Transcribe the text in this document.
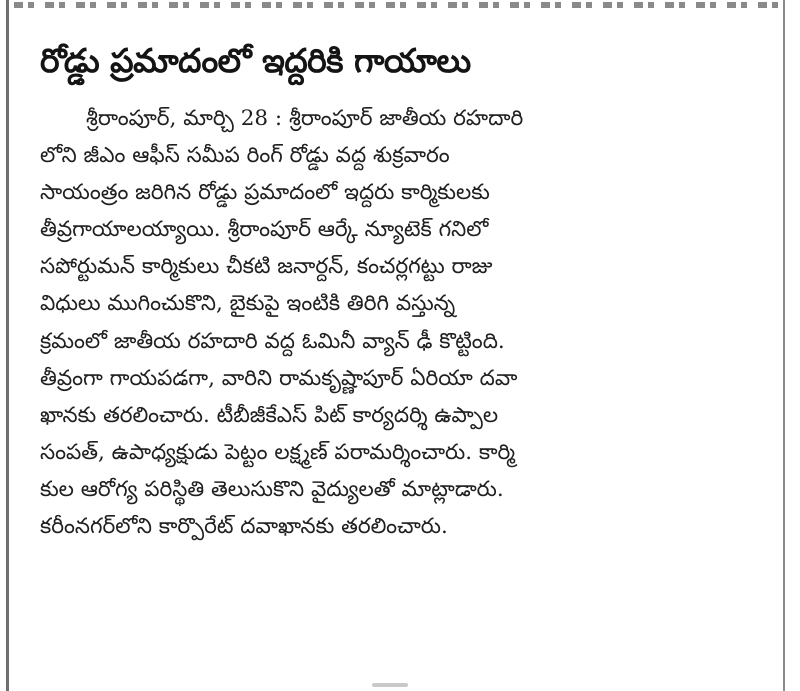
రోడ్డు ప్రమాదంలో ఇద్దరికి గాయాలు
శ్రీరాంపూర్, మార్చి 28 : శ్రీరాంపూర్ జాతీయ రహదారి
లోని జీఎం ఆఫీస్ సమీప రింగ్ రోడ్డు వద్ద శుక్రవారం
సాయంత్రం జరిగిన రోడ్డు ప్రమాదంలో ఇద్దరు కార్మికులకు
తీవ్రగాయాలయ్యాయి. శ్రీరాంపూర్ ఆర్కే న్యూటెక్ గనిలో
సపోర్టుమన్ కార్మికులు చీకటి జనార్దన్, కంచర్లగట్టు రాజు
విధులు ముగించుకొని, బైకుపై ఇంటికి తిరిగి వస్తున్న
క్రమంలో జాతీయ రహదారి వద్ద ఓమినీ వ్యాన్ ఢీ కొట్టింది.
తీవ్రంగా గాయపడగా, వారిని రామకృష్ణాపూర్ ఏరియా దవా
ఖానకు తరలించారు. టీబీజీకేఎస్ పిట్ కార్యదర్శి ఉప్పాల
సంపత్, ఉపాధ్యక్షుడు పెట్టం లక్ష్మణ్ పరామర్శించారు. కార్మి
కుల ఆరోగ్య పరిస్థితి తెలుసుకొని వైద్యులతో మాట్లాడారు.
కరీంనగర్‌లోని కార్పొరేట్ దవాఖానకు తరలించారు.
